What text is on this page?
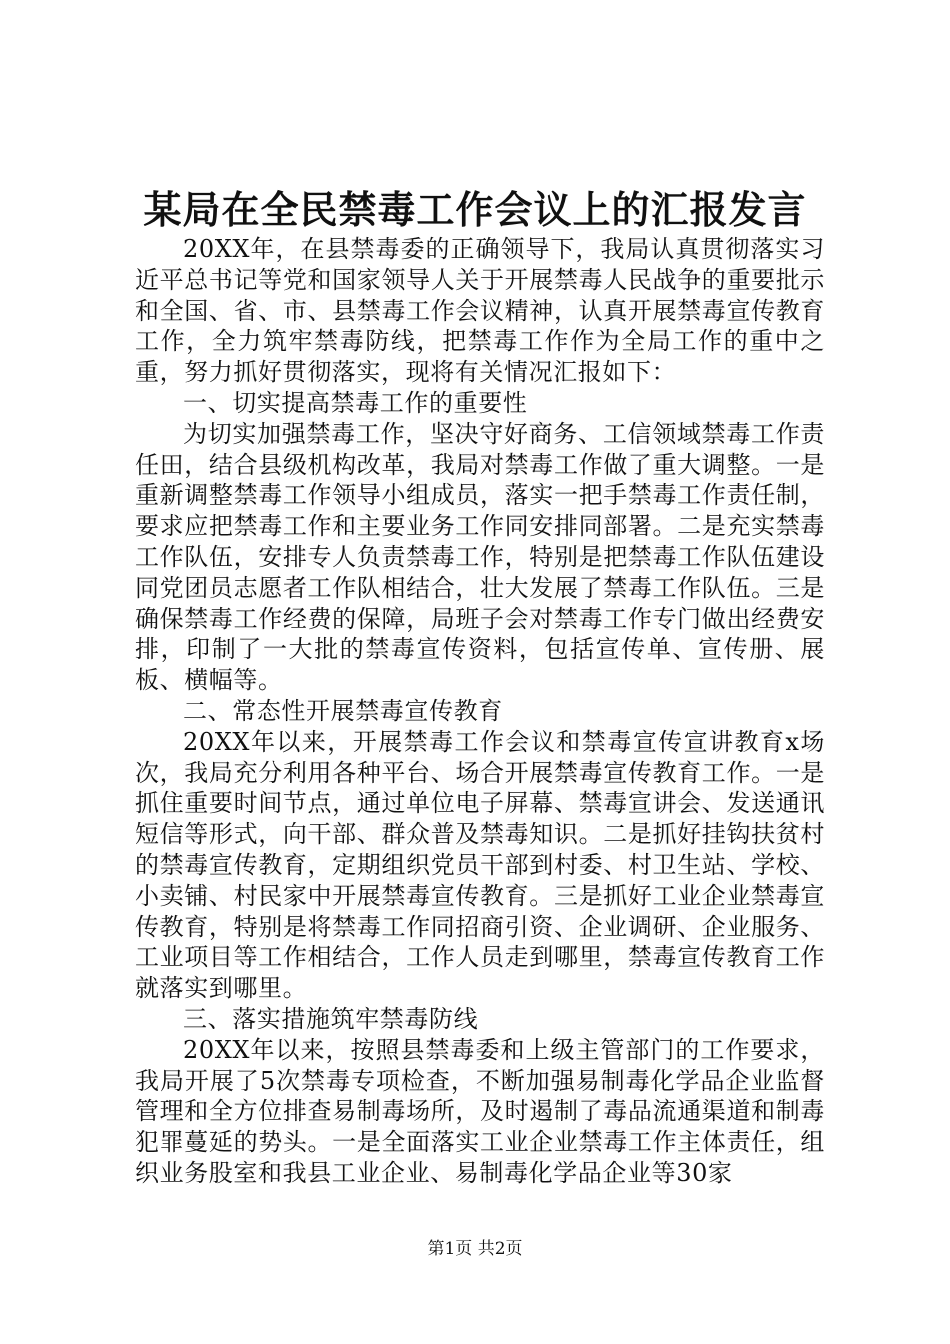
某局在全民禁毒工作会议上的汇报发言

20XX年，在县禁毒委的正确领导下，我局认真贯彻落实习近平总书记等党和国家领导人关于开展禁毒人民战争的重要批示和全国、省、市、县禁毒工作会议精神，认真开展禁毒宣传教育工作，全力筑牢禁毒防线，把禁毒工作作为全局工作的重中之重，努力抓好贯彻落实，现将有关情况汇报如下：

一、切实提高禁毒工作的重要性

为切实加强禁毒工作，坚决守好商务、工信领域禁毒工作责任田，结合县级机构改革，我局对禁毒工作做了重大调整。一是重新调整禁毒工作领导小组成员，落实一把手禁毒工作责任制，要求应把禁毒工作和主要业务工作同安排同部署。二是充实禁毒工作队伍，安排专人负责禁毒工作，特别是把禁毒工作队伍建设同党团员志愿者工作队相结合，壮大发展了禁毒工作队伍。三是确保禁毒工作经费的保障，局班子会对禁毒工作专门做出经费安排，印制了一大批的禁毒宣传资料，包括宣传单、宣传册、展板、横幅等。

二、常态性开展禁毒宣传教育

20XX年以来，开展禁毒工作会议和禁毒宣传宣讲教育x场次，我局充分利用各种平台、场合开展禁毒宣传教育工作。一是抓住重要时间节点，通过单位电子屏幕、禁毒宣讲会、发送通讯短信等形式，向干部、群众普及禁毒知识。二是抓好挂钩扶贫村的禁毒宣传教育，定期组织党员干部到村委、村卫生站、学校、小卖铺、村民家中开展禁毒宣传教育。三是抓好工业企业禁毒宣传教育，特别是将禁毒工作同招商引资、企业调研、企业服务、工业项目等工作相结合，工作人员走到哪里，禁毒宣传教育工作就落实到哪里。

三、落实措施筑牢禁毒防线

20XX年以来，按照县禁毒委和上级主管部门的工作要求，我局开展了5次禁毒专项检查，不断加强易制毒化学品企业监督管理和全方位排查易制毒场所，及时遏制了毒品流通渠道和制毒犯罪蔓延的势头。一是全面落实工业企业禁毒工作主体责任，组织业务股室和我县工业企业、易制毒化学品企业等30家

第1页 共2页
